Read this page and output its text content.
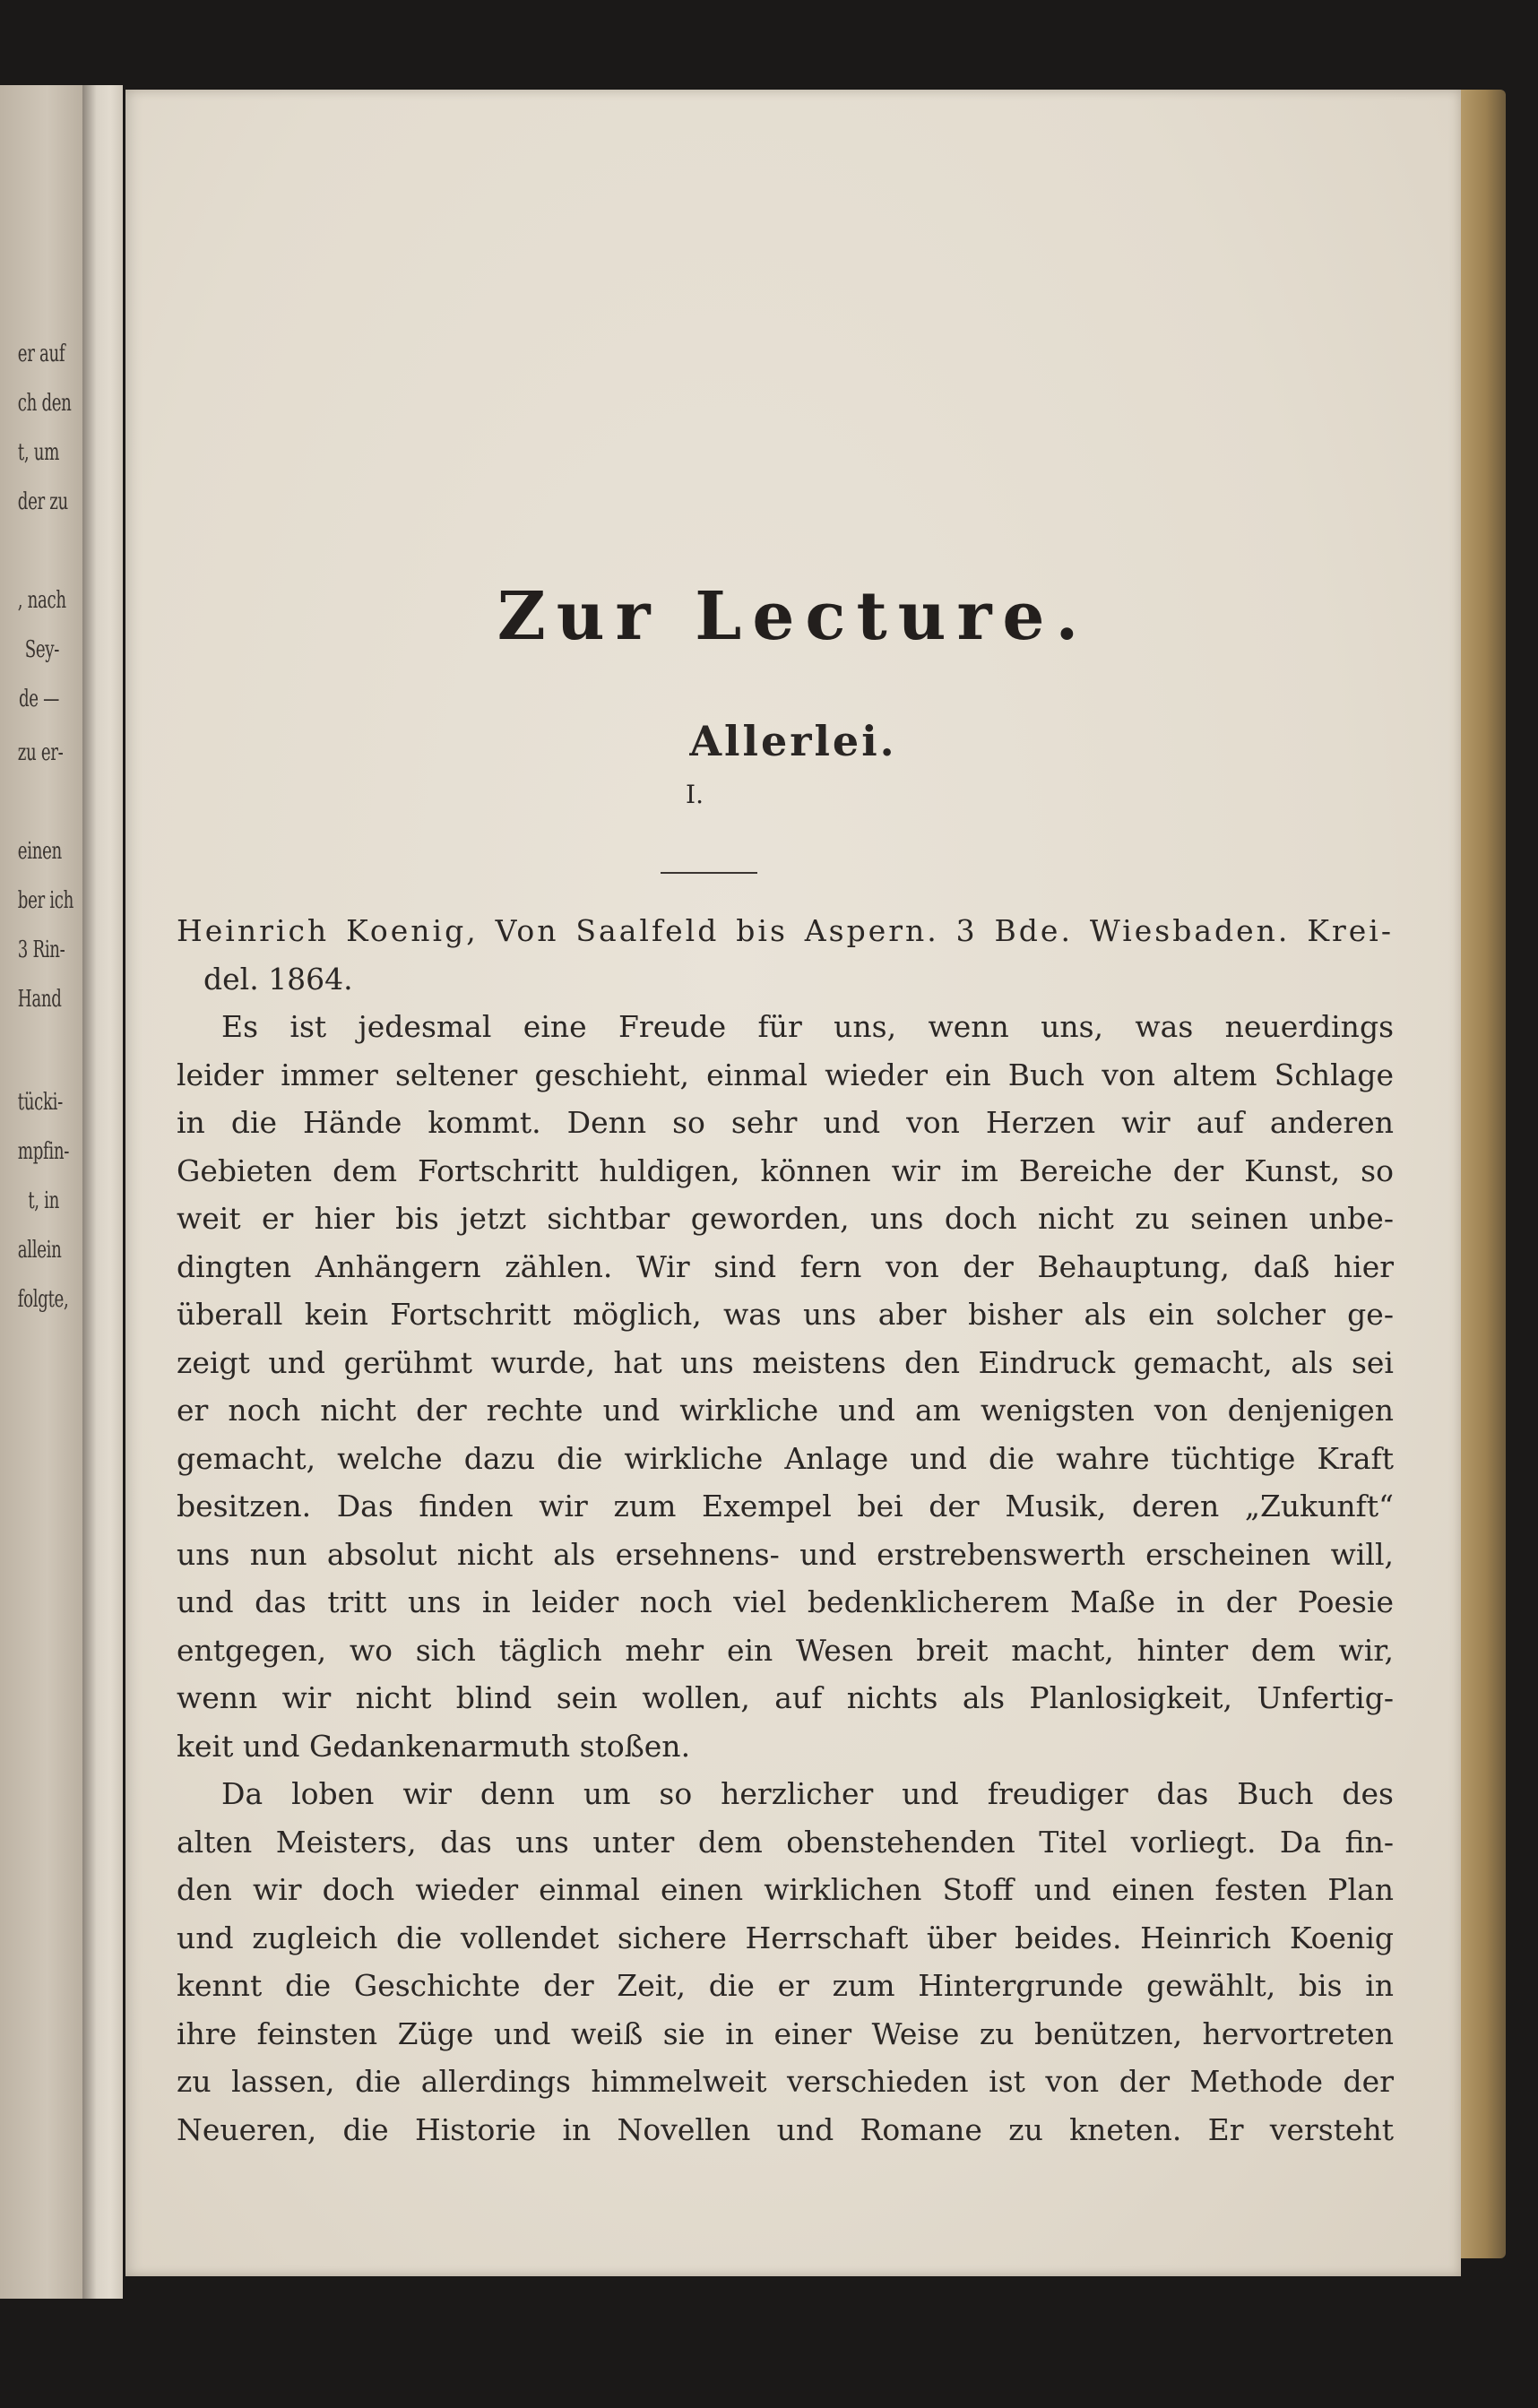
er auf
ch den
t, um
der zu
, nach
Sey-
de —
zu er-
einen
ber ich
3 Rin-
Hand
tücki-
mpfin-
t, in
allein
folgte,
Zur Lecture.
Allerlei.
I.
Heinrich Koenig, Von Saalfeld bis Aspern. 3 Bde. Wiesbaden. Krei-
del. 1864.
Es ist jedesmal eine Freude für uns, wenn uns, was neuerdings
leider immer seltener geschieht, einmal wieder ein Buch von altem Schlage
in die Hände kommt. Denn so sehr und von Herzen wir auf anderen
Gebieten dem Fortschritt huldigen, können wir im Bereiche der Kunst, so
weit er hier bis jetzt sichtbar geworden, uns doch nicht zu seinen unbe-
dingten Anhängern zählen. Wir sind fern von der Behauptung, daß hier
überall kein Fortschritt möglich, was uns aber bisher als ein solcher ge-
zeigt und gerühmt wurde, hat uns meistens den Eindruck gemacht, als sei
er noch nicht der rechte und wirkliche und am wenigsten von denjenigen
gemacht, welche dazu die wirkliche Anlage und die wahre tüchtige Kraft
besitzen. Das finden wir zum Exempel bei der Musik, deren „Zukunft“
uns nun absolut nicht als ersehnens- und erstrebenswerth erscheinen will,
und das tritt uns in leider noch viel bedenklicherem Maße in der Poesie
entgegen, wo sich täglich mehr ein Wesen breit macht, hinter dem wir,
wenn wir nicht blind sein wollen, auf nichts als Planlosigkeit, Unfertig-
keit und Gedankenarmuth stoßen.
Da loben wir denn um so herzlicher und freudiger das Buch des
alten Meisters, das uns unter dem obenstehenden Titel vorliegt. Da fin-
den wir doch wieder einmal einen wirklichen Stoff und einen festen Plan
und zugleich die vollendet sichere Herrschaft über beides. Heinrich Koenig
kennt die Geschichte der Zeit, die er zum Hintergrunde gewählt, bis in
ihre feinsten Züge und weiß sie in einer Weise zu benützen, hervortreten
zu lassen, die allerdings himmelweit verschieden ist von der Methode der
Neueren, die Historie in Novellen und Romane zu kneten. Er versteht
